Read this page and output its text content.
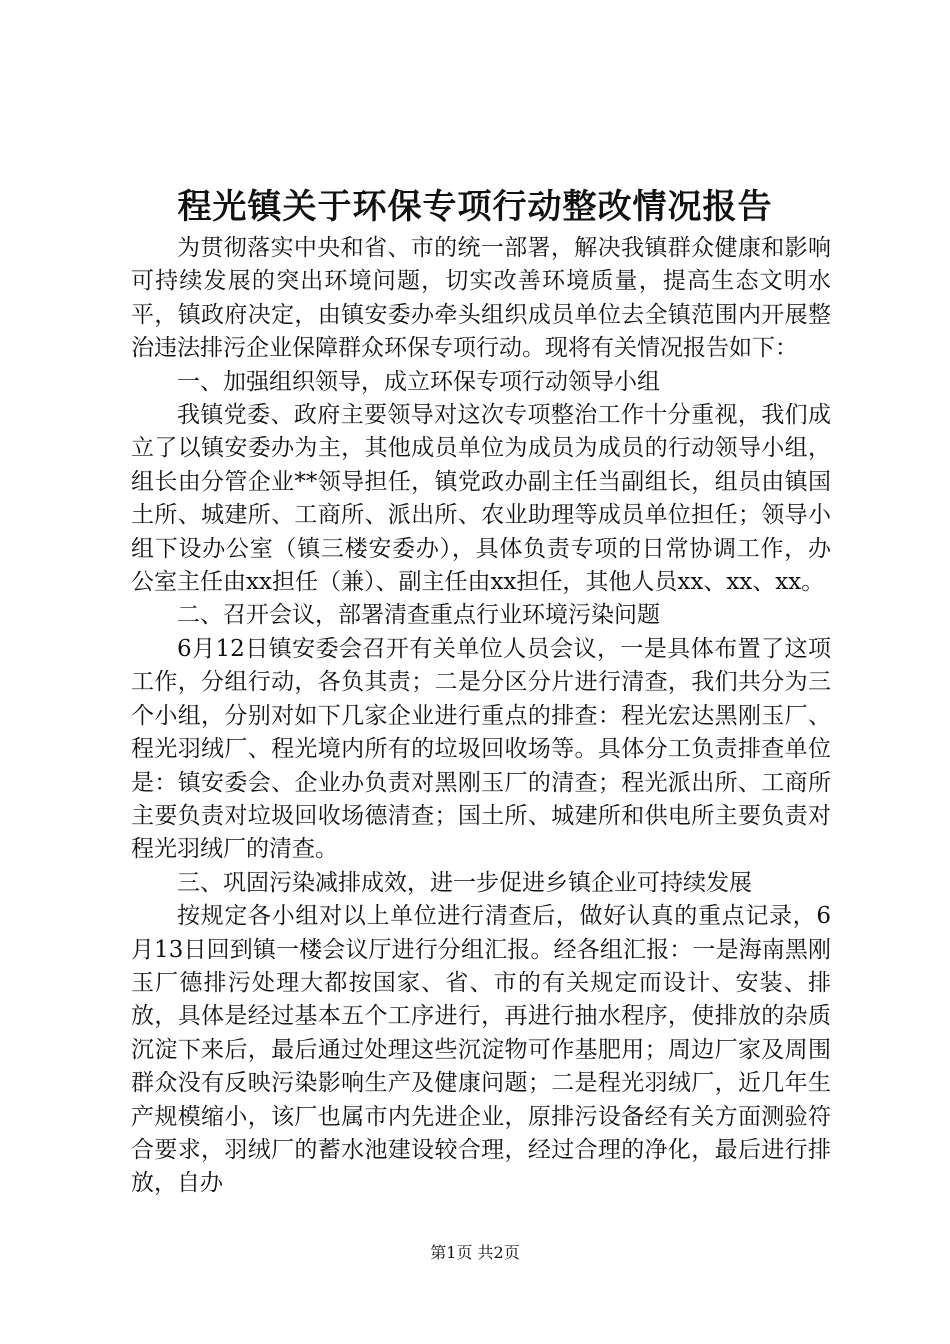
程光镇关于环保专项行动整改情况报告

为贯彻落实中央和省、市的统一部署，解决我镇群众健康和影响可持续发展的突出环境问题，切实改善环境质量，提高生态文明水平，镇政府决定，由镇安委办牵头组织成员单位去全镇范围内开展整治违法排污企业保障群众环保专项行动。现将有关情况报告如下：

一、加强组织领导，成立环保专项行动领导小组

我镇党委、政府主要领导对这次专项整治工作十分重视，我们成立了以镇安委办为主，其他成员单位为成员为成员的行动领导小组，组长由分管企业**领导担任，镇党政办副主任当副组长，组员由镇国土所、城建所、工商所、派出所、农业助理等成员单位担任；领导小组下设办公室（镇三楼安委办），具体负责专项的日常协调工作，办公室主任由xx担任（兼）、副主任由xx担任，其他人员xx、xx、xx。

二、召开会议，部署清查重点行业环境污染问题

6月12日镇安委会召开有关单位人员会议，一是具体布置了这项工作，分组行动，各负其责；二是分区分片进行清查，我们共分为三个小组，分别对如下几家企业进行重点的排查：程光宏达黑刚玉厂、程光羽绒厂、程光境内所有的垃圾回收场等。具体分工负责排查单位是：镇安委会、企业办负责对黑刚玉厂的清查；程光派出所、工商所主要负责对垃圾回收场德清查；国土所、城建所和供电所主要负责对程光羽绒厂的清查。

三、巩固污染减排成效，进一步促进乡镇企业可持续发展

按规定各小组对以上单位进行清查后，做好认真的重点记录，6月13日回到镇一楼会议厅进行分组汇报。经各组汇报：一是海南黑刚玉厂德排污处理大都按国家、省、市的有关规定而设计、安装、排放，具体是经过基本五个工序进行，再进行抽水程序，使排放的杂质沉淀下来后，最后通过处理这些沉淀物可作基肥用；周边厂家及周围群众没有反映污染影响生产及健康问题；二是程光羽绒厂，近几年生产规模缩小，该厂也属市内先进企业，原排污设备经有关方面测验符合要求，羽绒厂的蓄水池建设较合理，经过合理的净化，最后进行排放，自办

第1页 共2页
